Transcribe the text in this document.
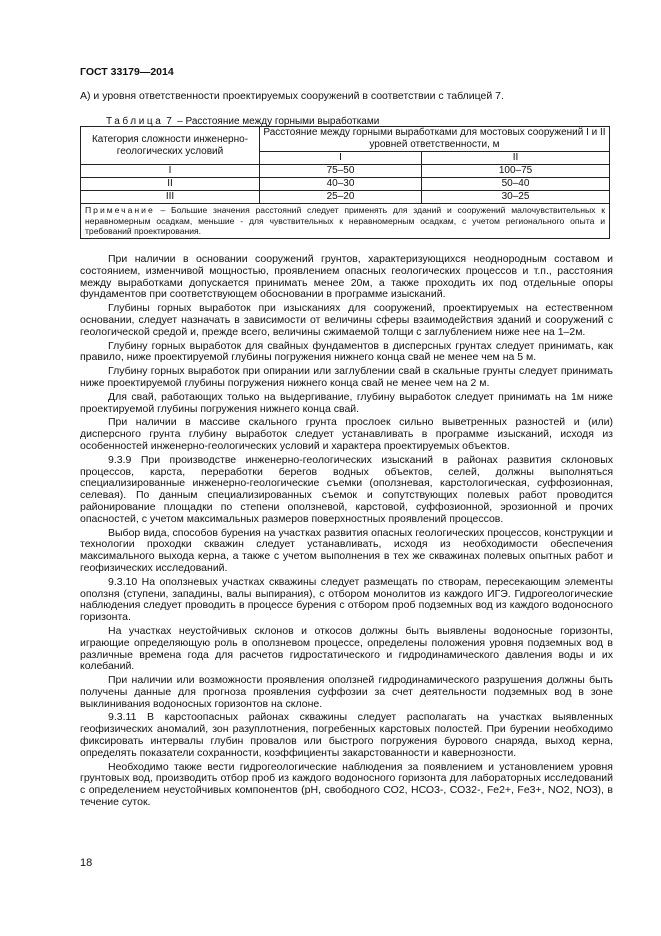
ГОСТ 33179—2014
А) и уровня ответственности проектируемых сооружений в соответствии с таблицей 7.
Таблица 7 – Расстояние между горными выработками
Категория сложности инженерно-геологических условий	Расстояние между горными выработками для мостовых сооружений I и II уровней ответственности, м	
	I	II
I	75–50	100–75
II	40–30	50–40
III	25–20	30–25
Примечание – Большие значения расстояний следует применять для зданий и сооружений малочувствительных к неравномерным осадкам, меньшие - для чувствительных к неравномерным осадкам, с учетом регионального опыта и требований проектирования.		

При наличии в основании сооружений грунтов, характеризующихся неоднородным составом и состоянием, изменчивой мощностью, проявлением опасных геологических процессов и т.п., расстояния между выработками допускается принимать менее 20м, а также проходить их под отдельные опоры фундаментов при соответствующем обосновании в программе изысканий.

Глубины горных выработок при изысканиях для сооружений, проектируемых на естественном основании, следует назначать в зависимости от величины сферы взаимодействия зданий и сооружений с геологической средой и, прежде всего, величины сжимаемой толщи с заглублением ниже нее на 1–2м.

Глубину горных выработок для свайных фундаментов в дисперсных грунтах следует принимать, как правило, ниже проектируемой глубины погружения нижнего конца свай не менее чем на 5 м.

Глубину горных выработок при опирании или заглублении свай в скальные грунты следует принимать ниже проектируемой глубины погружения нижнего конца свай не менее чем на 2 м.

Для свай, работающих только на выдергивание, глубину выработок следует принимать на 1м ниже проектируемой глубины погружения нижнего конца свай.

При наличии в массиве скального грунта прослоек сильно выветренных разностей и (или) дисперсного грунта глубину выработок следует устанавливать в программе изысканий, исходя из особенностей инженерно-геологических условий и характера проектируемых объектов.

9.3.9 При производстве инженерно-геологических изысканий в районах развития склоновых процессов, карста, переработки берегов водных объектов, селей, должны выполняться специализированные инженерно-геологические съемки (оползневая, карстологическая, суффозионная, селевая). По данным специализированных съемок и сопутствующих полевых работ проводится районирование площадки по степени оползневой, карстовой, суффозионной, эрозионной и прочих опасностей, с учетом максимальных размеров поверхностных проявлений процессов.

Выбор вида, способов бурения на участках развития опасных геологических процессов, конструкции и технологии проходки скважин следует устанавливать, исходя из необходимости обеспечения максимального выхода керна, а также с учетом выполнения в тех же скважинах полевых опытных работ и геофизических исследований.

9.3.10 На оползневых участках скважины следует размещать по створам, пересекающим элементы оползня (ступени, западины, валы выпирания), с отбором монолитов из каждого ИГЭ. Гидрогеологические наблюдения следует проводить в процессе бурения с отбором проб подземных вод из каждого водоносного горизонта.

На участках неустойчивых склонов и откосов должны быть выявлены водоносные горизонты, играющие определяющую роль в оползневом процессе, определены положения уровня подземных вод в различные времена года для расчетов гидростатического и гидродинамического давления воды и их колебаний.

При наличии или возможности проявления оползней гидродинамического разрушения должны быть получены данные для прогноза проявления суффозии за счет деятельности подземных вод в зоне выклинивания водоносных горизонтов на склоне.

9.3.11 В карстоопасных районах скважины следует располагать на участках выявленных геофизических аномалий, зон разуплотнения, погребенных карстовых полостей. При бурении необходимо фиксировать интервалы глубин провалов или быстрого погружения бурового снаряда, выход керна, определять показатели сохранности, коэффициенты закарстованности и кавернозности.

Необходимо также вести гидрогеологические наблюдения за появлением и установлением уровня грунтовых вод, производить отбор проб из каждого водоносного горизонта для лабораторных исследований с определением неустойчивых компонентов (рН, свободного СО2, НСО3-, СО32-, Fe2+, Fe3+, NO2, NO3), в течение суток.

18
